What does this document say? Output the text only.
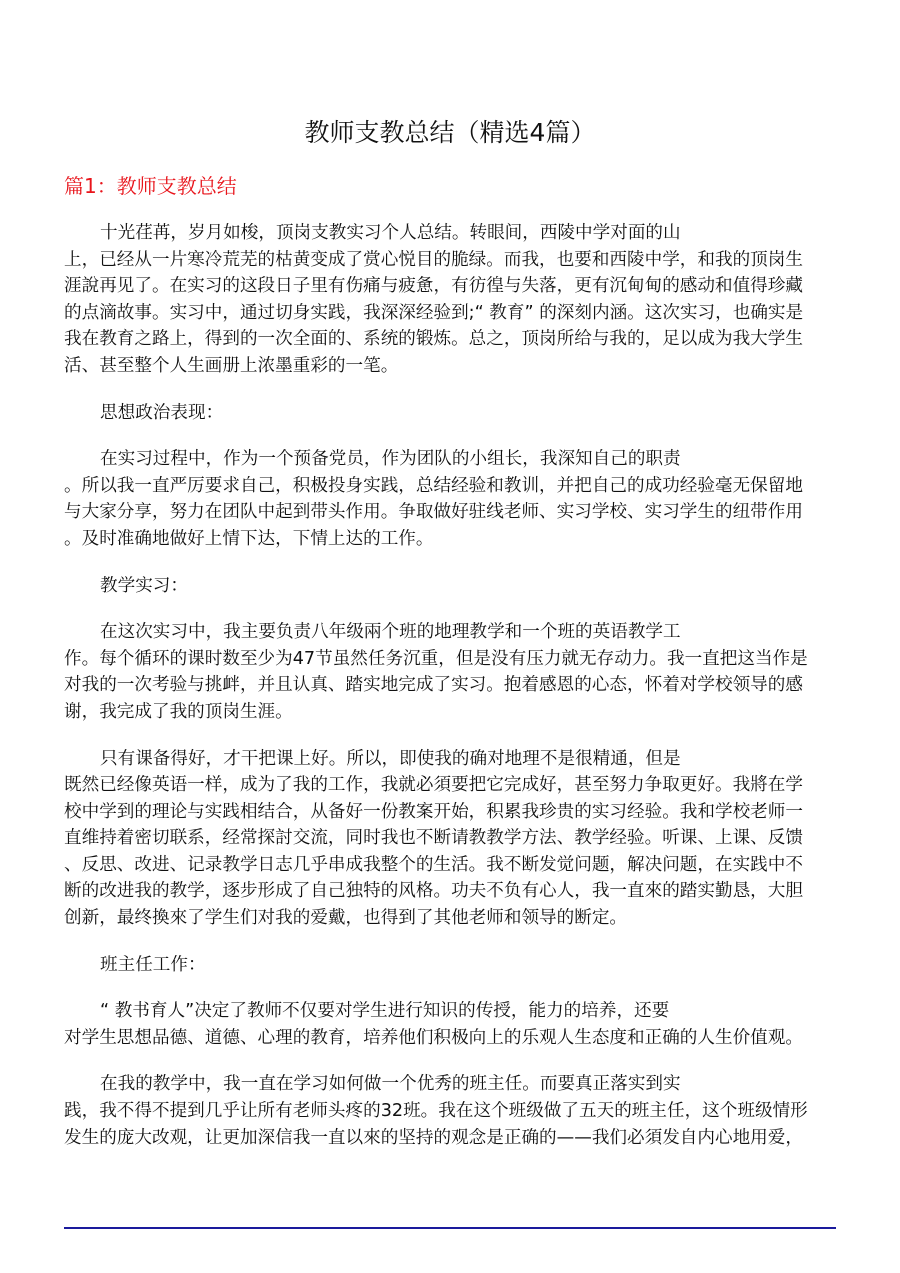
教师支教总结（精选4篇）
篇1：教师支教总结
十光荏苒，岁月如梭，顶岗支教实习个人总结。转眼间，西陵中学对面的山
上，已经从一片寒冷荒芜的枯黄变成了赏心悦目的脆绿。而我，也要和西陵中学，和我的顶岗生
涯說再见了。在实习的这段日子里有伤痛与疲惫，有彷徨与失落，更有沉甸甸的感动和值得珍藏
的点滴故事。实习中，通过切身实践，我深深经验到;“ 教育” 的深刻内涵。这次实习，也确实是
我在教育之路上，得到的一次全面的、系统的锻炼。总之，顶岗所给与我的，足以成为我大学生
活、甚至整个人生画册上浓墨重彩的一笔。
思想政治表现：
在实习过程中，作为一个预备党员，作为团队的小组长，我深知自己的职责
。所以我一直严厉要求自己，积极投身实践，总结经验和教训，并把自己的成功经验毫无保留地
与大家分享，努力在团队中起到带头作用。争取做好驻线老师、实习学校、实习学生的纽带作用
。及时准确地做好上情下达，下情上达的工作。
教学实习：
在这次实习中，我主要负责八年级兩个班的地理教学和一个班的英语教学工
作。每个循环的课时数至少为47节虽然任务沉重，但是没有压力就无存动力。我一直把这当作是
对我的一次考验与挑衅，并且认真、踏实地完成了实习。抱着感恩的心态，怀着对学校领导的感
谢，我完成了我的顶岗生涯。
只有课备得好，才干把课上好。所以，即使我的确对地理不是很精通，但是
既然已经像英语一样，成为了我的工作，我就必須要把它完成好，甚至努力争取更好。我將在学
校中学到的理论与实践相结合，从备好一份教案开始，积累我珍贵的实习经验。我和学校老师一
直维持着密切联系，经常探討交流，同时我也不断请教教学方法、教学经验。听课、上课、反馈
、反思、改进、记录教学日志几乎串成我整个的生活。我不断发觉问题，解决问题，在实践中不
断的改进我的教学，逐步形成了自己独特的风格。功夫不负有心人，我一直來的踏实勤恳，大胆
创新，最终換來了学生们对我的爱戴，也得到了其他老师和领导的断定。
班主任工作：
“ 教书育人”决定了教师不仅要对学生进行知识的传授，能力的培养，还要
对学生思想品德、道德、心理的教育，培养他们积极向上的乐观人生态度和正确的人生价值观。
在我的教学中，我一直在学习如何做一个优秀的班主任。而要真正落实到实
践，我不得不提到几乎让所有老师头疼的32班。我在这个班级做了五天的班主任，这个班级情形
发生的庞大改观，让更加深信我一直以來的坚持的观念是正确的——我们必須发自内心地用爱，
